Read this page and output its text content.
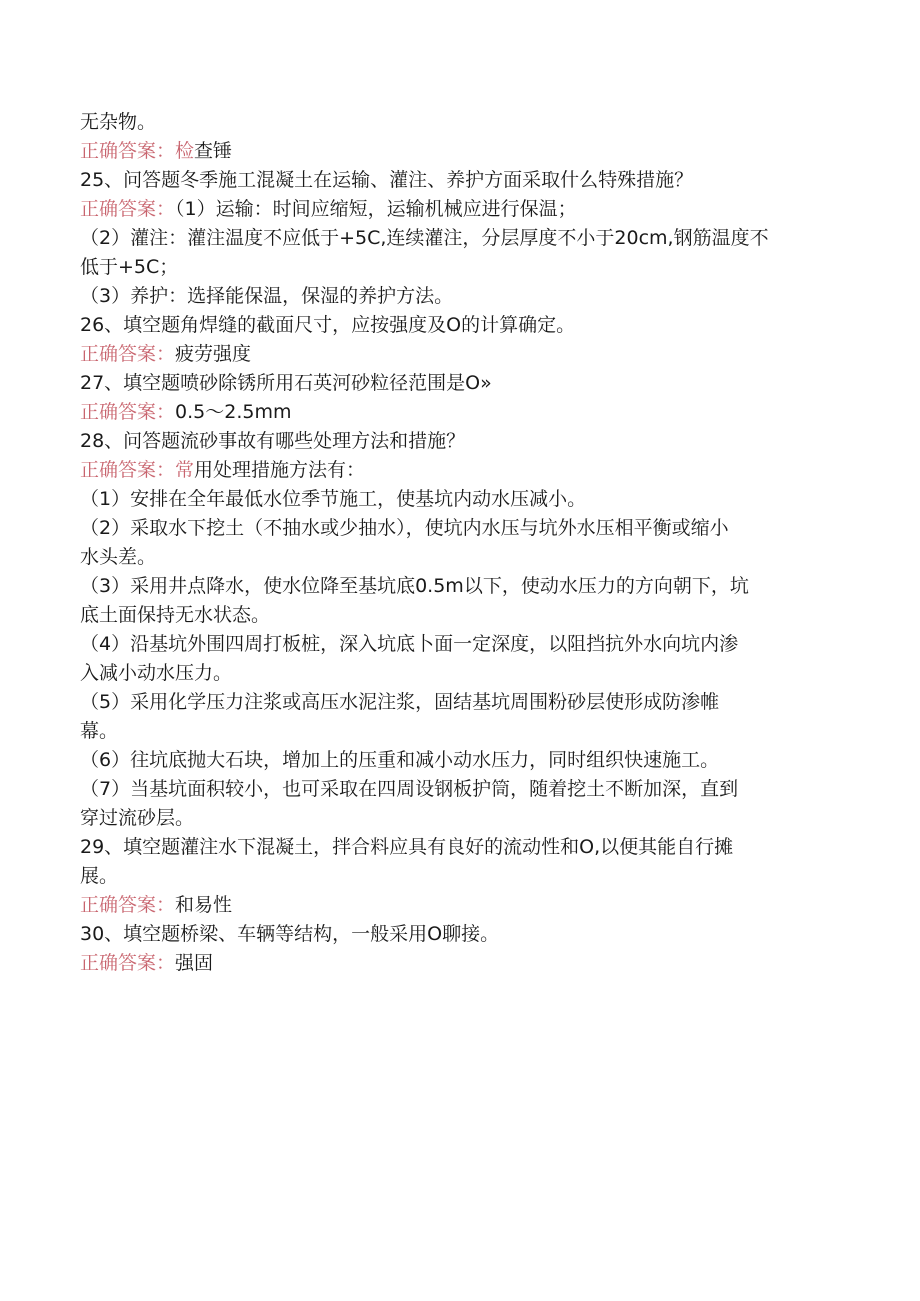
无杂物。
正确答案：检查锤
25、问答题冬季施工混凝土在运输、灌注、养护方面采取什么特殊措施？
正确答案：（1）运输：时间应缩短，运输机械应进行保温；
（2）灌注：灌注温度不应低于+5C,连续灌注，分层厚度不小于20cm,钢筋温度不
低于+5C；
（3）养护：选择能保温，保湿的养护方法。
26、填空题角焊缝的截面尺寸，应按强度及O的计算确定。
正确答案：疲劳强度
27、填空题喷砂除锈所用石英河砂粒径范围是O»
正确答案：0.5～2.5mm
28、问答题流砂事故有哪些处理方法和措施？
正确答案：常用处理措施方法有：
（1）安排在全年最低水位季节施工，使基坑内动水压减小。
（2）采取水下挖土（不抽水或少抽水），使坑内水压与坑外水压相平衡或缩小
水头差。
（3）采用井点降水，使水位降至基坑底0.5m以下，使动水压力的方向朝下，坑
底土面保持无水状态。
（4）沿基坑外围四周打板桩，深入坑底卜面一定深度，以阻挡抗外水向坑内渗
入减小动水压力。
（5）采用化学压力注浆或高压水泥注浆，固结基坑周围粉砂层使形成防渗帷
幕。
（6）往坑底抛大石块，增加上的压重和减小动水压力，同时组织快速施工。
（7）当基坑面积较小，也可采取在四周设钢板护筒，随着挖土不断加深，直到
穿过流砂层。
29、填空题灌注水下混凝土，拌合料应具有良好的流动性和O,以便其能自行摊
展。
正确答案：和易性
30、填空题桥梁、车辆等结构，一般采用O聊接。
正确答案：强固
